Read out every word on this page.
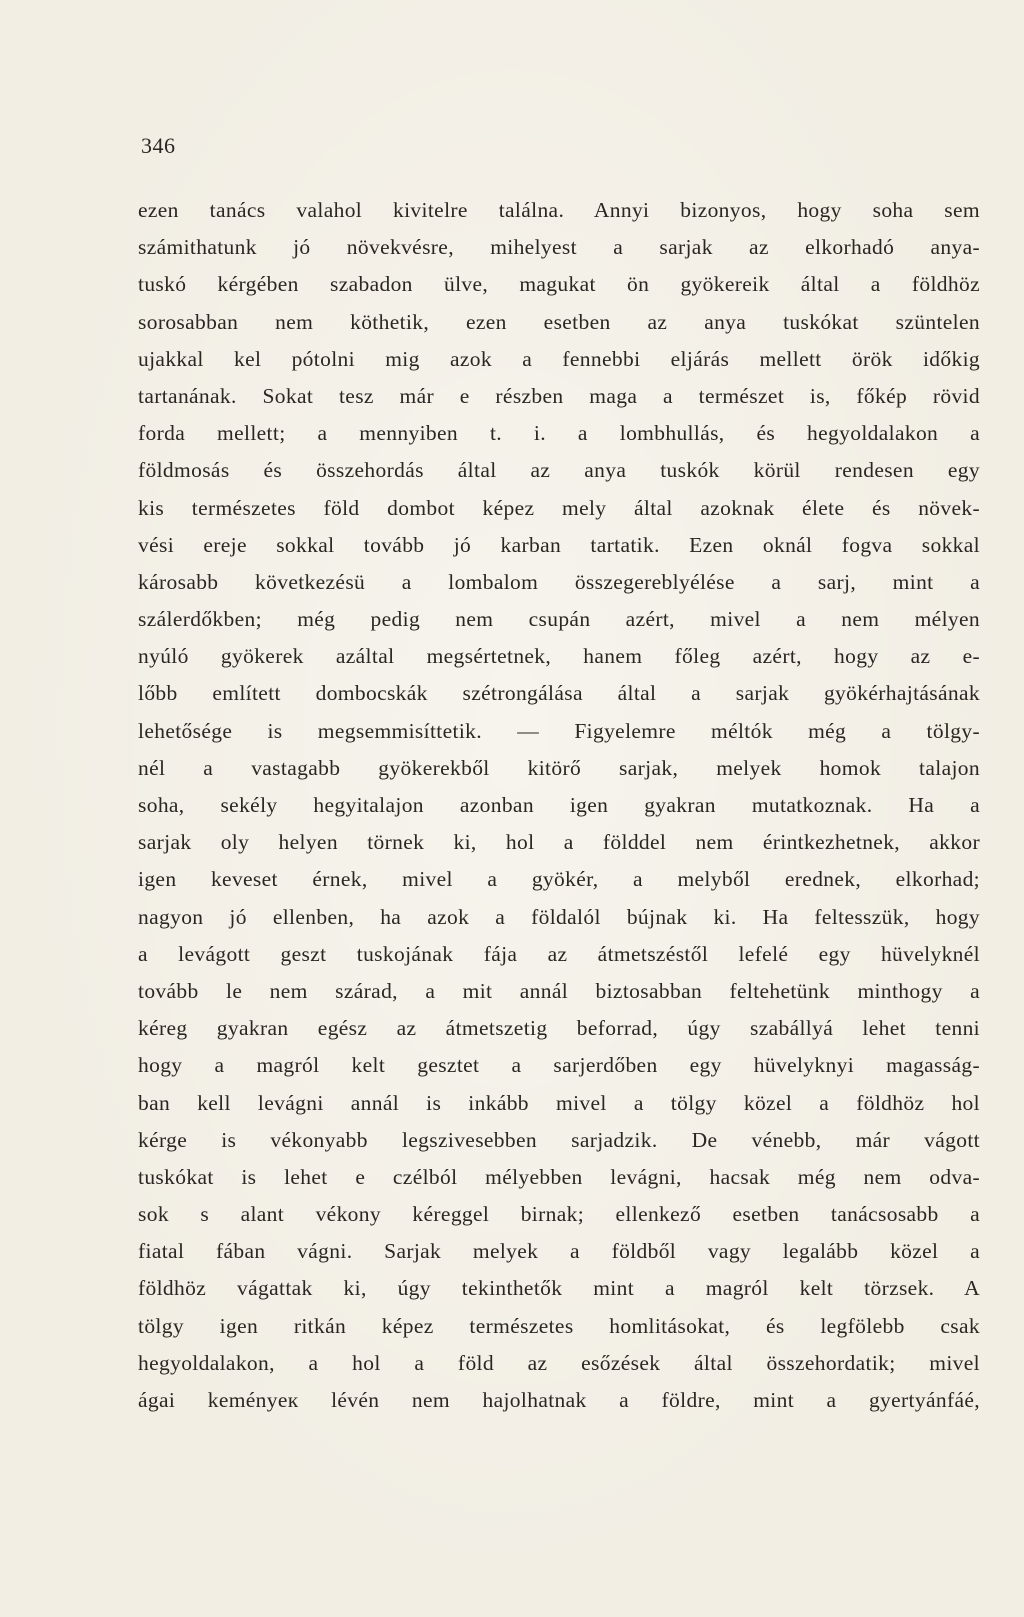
346
ezen tanács valahol kivitelre találna. Annyi bizonyos, hogy soha sem
számithatunk jó növekvésre, mihelyest a sarjak az elkorhadó anya-
tuskó kérgében szabadon ülve, magukat ön gyökereik által a földhöz
sorosabban nem köthetik, ezen esetben az anya tuskókat szüntelen
ujakkal kel pótolni mig azok a fennebbi eljárás mellett örök időkig
tartanának. Sokat tesz már e részben maga a természet is, főkép rövid
forda mellett; a mennyiben t. i. a lombhullás, és hegyoldalakon a
földmosás és összehordás által az anya tuskók körül rendesen egy
kis természetes föld dombot képez mely által azoknak élete és növek-
vési ereje sokkal tovább jó karban tartatik. Ezen oknál fogva sokkal
károsabb következésü a lombalom összegereblyélése a sarj, mint a
szálerdőkben; még pedig nem csupán azért, mivel a nem mélyen
nyúló gyökerek azáltal megsértetnek, hanem főleg azért, hogy az e-
lőbb említett dombocskák szétrongálása által a sarjak gyökérhajtásának
lehetősége is megsemmisíttetik. — Figyelemre méltók még a tölgy-
nél a vastagabb gyökerekből kitörő sarjak, melyek homok talajon
soha, sekély hegyitalajon azonban igen gyakran mutatkoznak. Ha a
sarjak oly helyen törnek ki, hol a földdel nem érintkezhetnek, akkor
igen keveset érnek, mivel a gyökér, a melyből erednek, elkorhad;
nagyon jó ellenben, ha azok a földalól bújnak ki. Ha feltesszük, hogy
a levágott geszt tuskojának fája az átmetszéstől lefelé egy hüvelyknél
tovább le nem szárad, a mit annál biztosabban feltehetünk minthogy a
kéreg gyakran egész az átmetszetig beforrad, úgy szabállyá lehet tenni
hogy a magról kelt gesztet a sarjerdőben egy hüvelyknyi magasság-
ban kell levágni annál is inkább mivel a tölgy közel a földhöz hol
kérge is vékonyabb legszivesebben sarjadzik. De vénebb, már vágott
tuskókat is lehet e czélból mélyebben levágni, hacsak még nem odva-
sok s alant vékony kéreggel birnak; ellenkező esetben tanácsosabb a
fiatal fában vágni. Sarjak melyek a földből vagy legalább közel a
földhöz vágattak ki, úgy tekinthetők mint a magról kelt törzsek. A
tölgy igen ritkán képez természetes homlitásokat, és legfölebb csak
hegyoldalakon, a hol a föld az esőzések által összehordatik; mivel
ágai keményeк lévén nem hajolhatnak a földre, mint a gyertyánfáé,
